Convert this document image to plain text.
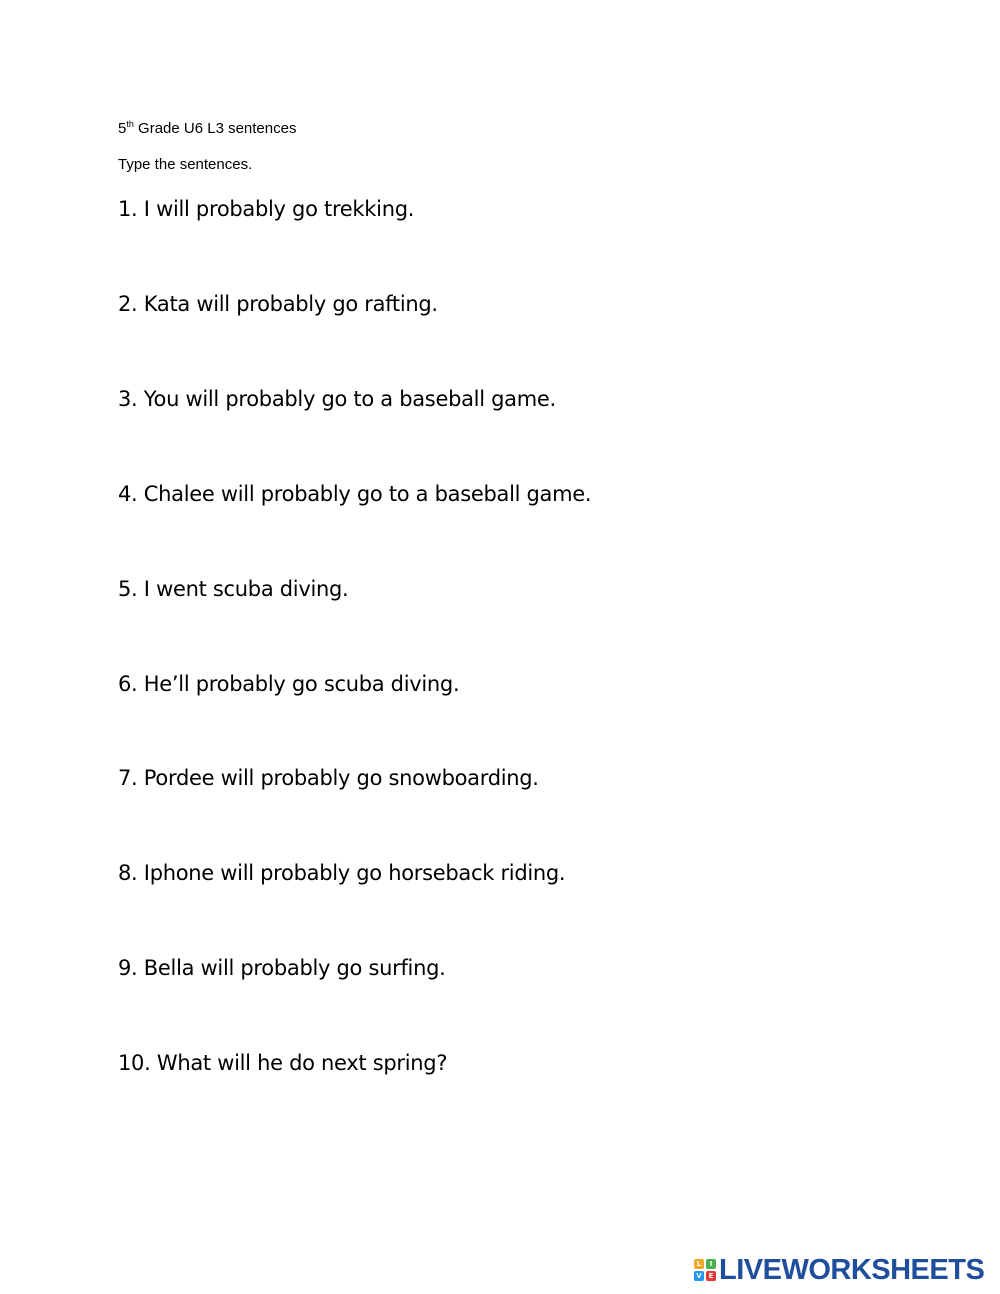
5th Grade U6 L3 sentences
Type the sentences.
1. I will probably go trekking.
2. Kata will probably go rafting.
3. You will probably go to a baseball game.
4. Chalee will probably go to a baseball game.
5. I went scuba diving.
6. He’ll probably go scuba diving.
7. Pordee will probably go snowboarding.
8. Iphone will probably go horseback riding.
9. Bella will probably go surfing.
10. What will he do next spring?
L	I
V E LIVEWORKSHEETS
